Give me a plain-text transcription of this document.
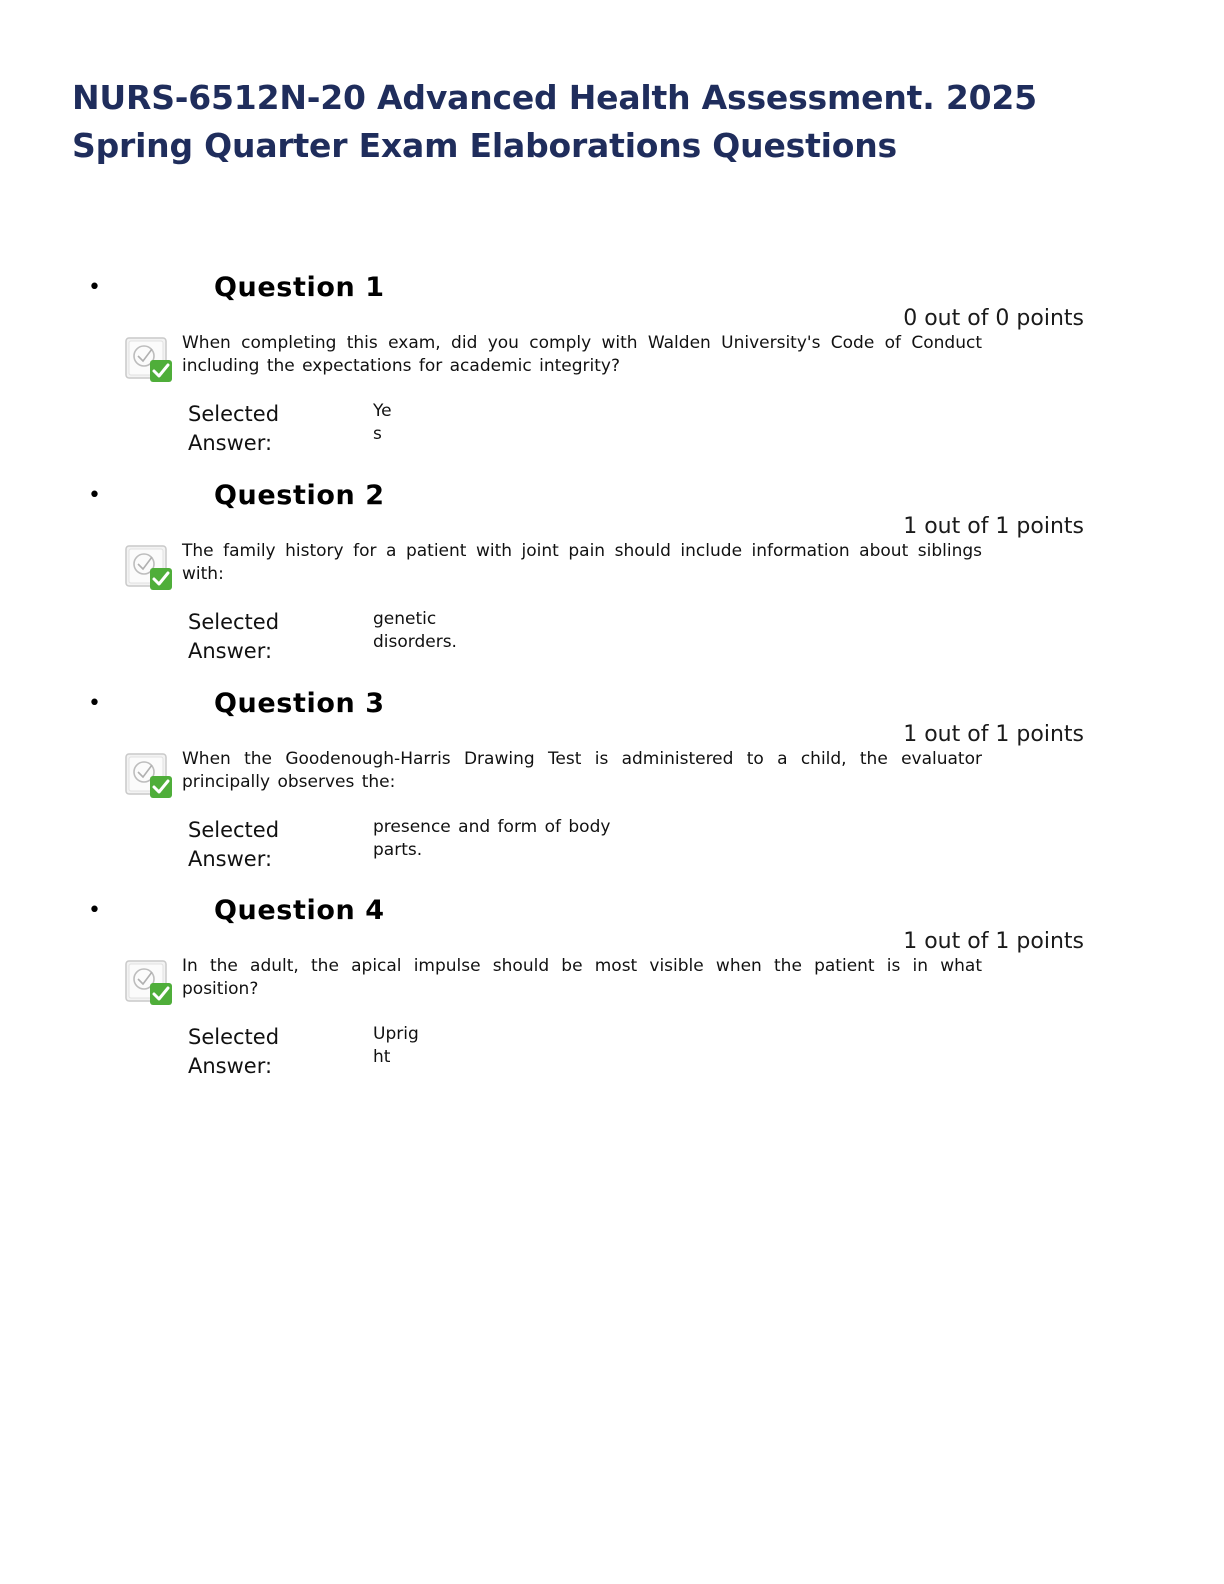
NURS-6512N-20 Advanced Health Assessment. 2025 Spring Quarter Exam Elaborations Questions
•	Question 1
0 out of 0 points

When completing this exam, did you comply with Walden University's Code of Conduct including the expectations for academic integrity?

Selected Answer:
Ye
s
•	Question 2
1 out of 1 points

The family history for a patient with joint pain should include information about siblings with:

Selected Answer:
genetic
disorders.
•	Question 3
1 out of 1 points

When the Goodenough-Harris Drawing Test is administered to a child, the evaluator principally observes the:

Selected Answer:
presence and form of body
parts.
•	Question 4
1 out of 1 points

In the adult, the apical impulse should be most visible when the patient is in what position?

Selected Answer:
Uprig
ht
